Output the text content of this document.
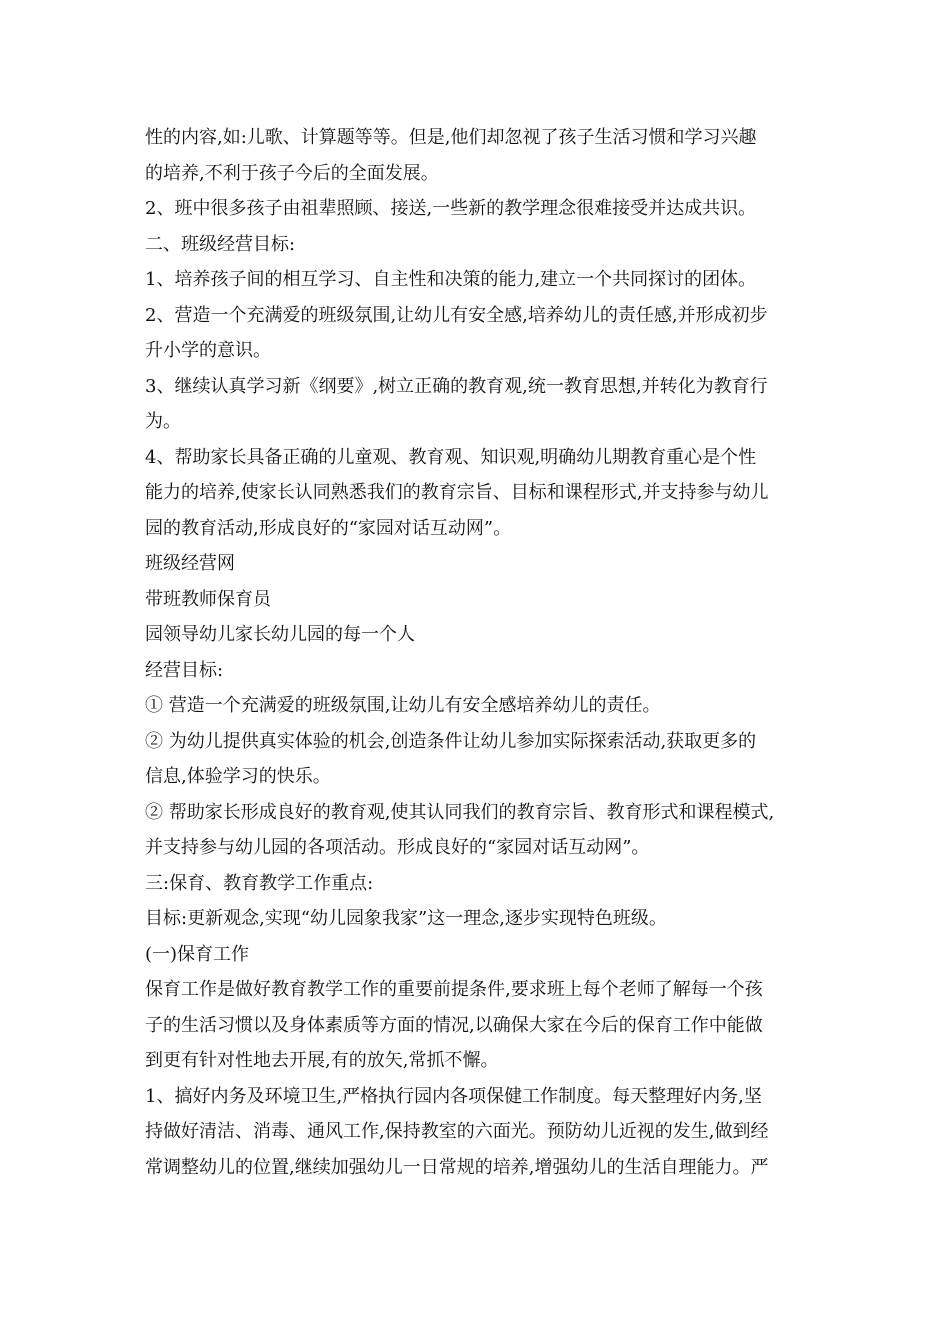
性的内容,如:儿歌、计算题等等。但是,他们却忽视了孩子生活习惯和学习兴趣
的培养,不利于孩子今后的全面发展。
2、班中很多孩子由祖辈照顾、接送,一些新的教学理念很难接受并达成共识。
二、班级经营目标:
1、培养孩子间的相互学习、自主性和决策的能力,建立一个共同探讨的团体。
2、营造一个充满爱的班级氛围,让幼儿有安全感,培养幼儿的责任感,并形成初步
升小学的意识。
3、继续认真学习新《纲要》,树立正确的教育观,统一教育思想,并转化为教育行
为。
4、帮助家长具备正确的儿童观、教育观、知识观,明确幼儿期教育重心是个性
能力的培养,使家长认同熟悉我们的教育宗旨、目标和课程形式,并支持参与幼儿
园的教育活动,形成良好的“家园对话互动网”。
班级经营网
带班教师保育员
园领导幼儿家长幼儿园的每一个人
经营目标:
① 营造一个充满爱的班级氛围,让幼儿有安全感培养幼儿的责任。
② 为幼儿提供真实体验的机会,创造条件让幼儿参加实际探索活动,获取更多的
信息,体验学习的快乐。
② 帮助家长形成良好的教育观,使其认同我们的教育宗旨、教育形式和课程模式,
并支持参与幼儿园的各项活动。形成良好的“家园对话互动网”。
三:保育、教育教学工作重点:
目标:更新观念,实现“幼儿园象我家”这一理念,逐步实现特色班级。
(一)保育工作
保育工作是做好教育教学工作的重要前提条件,要求班上每个老师了解每一个孩
子的生活习惯以及身体素质等方面的情况,以确保大家在今后的保育工作中能做
到更有针对性地去开展,有的放矢,常抓不懈。
1、搞好内务及环境卫生,严格执行园内各项保健工作制度。每天整理好内务,坚
持做好清洁、消毒、通风工作,保持教室的六面光。预防幼儿近视的发生,做到经
常调整幼儿的位置,继续加强幼儿一日常规的培养,增强幼儿的生活自理能力。严
